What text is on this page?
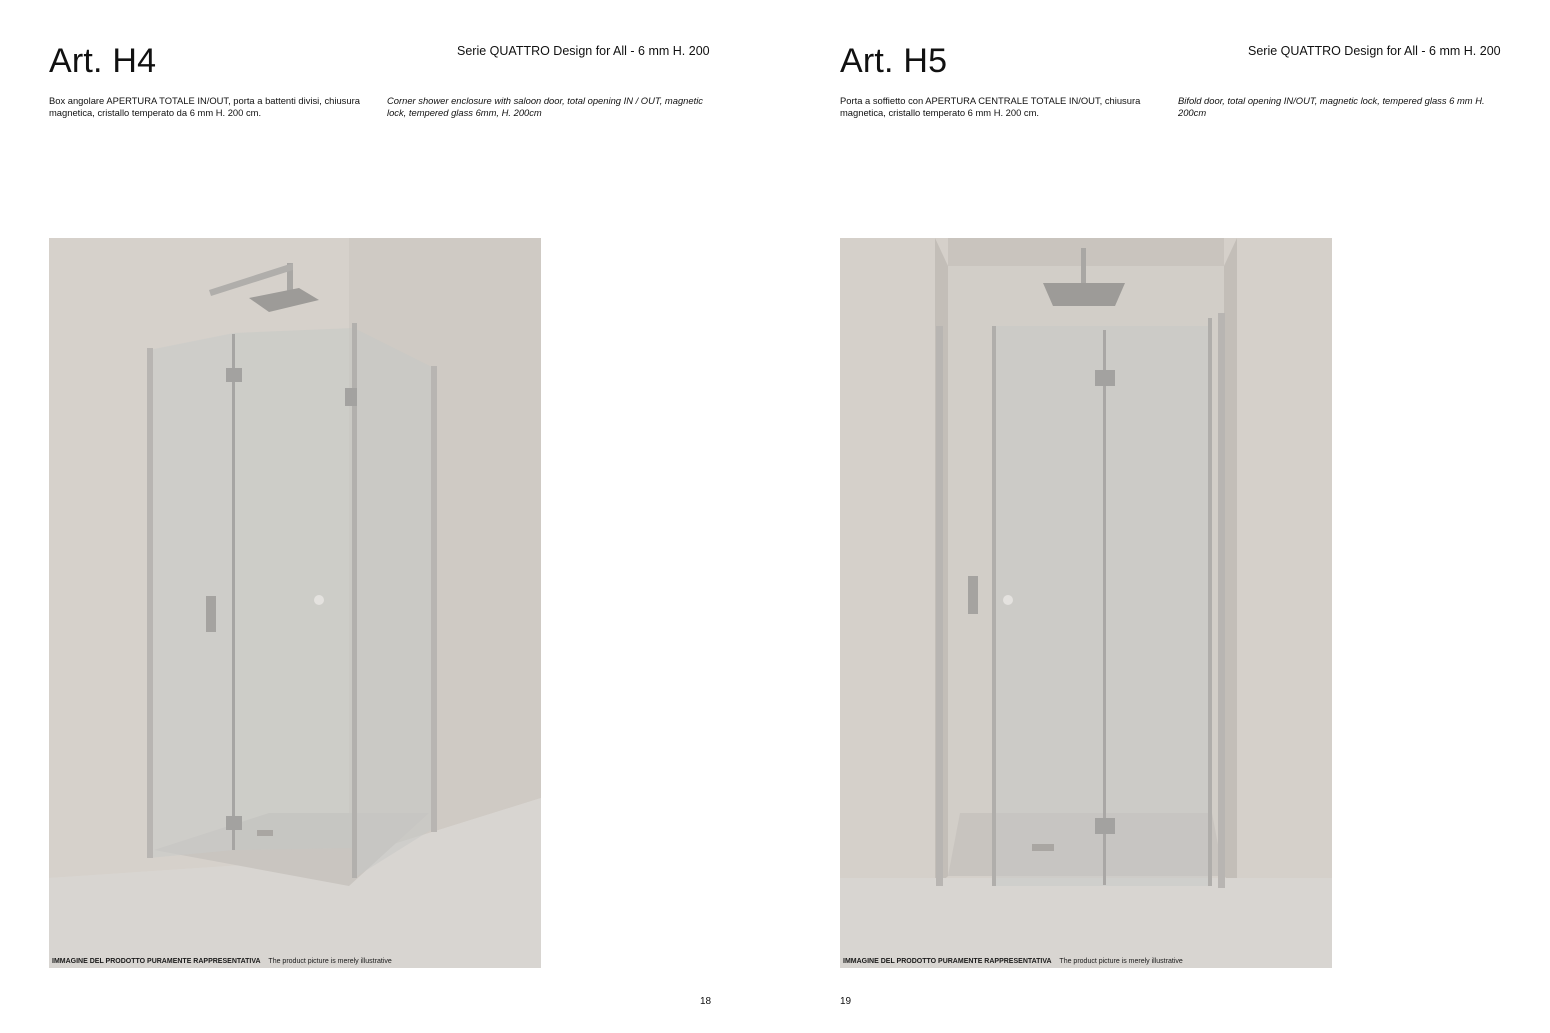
Art. H4	Serie QUATTRO Design for All - 6 mm H. 200

Box angolare APERTURA TOTALE IN/OUT, porta a battenti divisi, chiusura magnetica, cristallo temperato da 6 mm H. 200 cm.

Corner shower enclosure with saloon door, total opening IN / OUT, magnetic lock, tempered glass 6mm, H. 200cm

IMMAGINE DEL PRODOTTO PURAMENTE RAPPRESENTATIVA The product picture is merely illustrative
18
Art. H5	Serie QUATTRO Design for All - 6 mm H. 200

Porta a soffietto con APERTURA CENTRALE TOTALE IN/OUT, chiusura magnetica, cristallo temperato 6 mm H. 200 cm.

Bifold door, total opening IN/OUT, magnetic lock, tempered glass 6 mm H. 200cm

IMMAGINE DEL PRODOTTO PURAMENTE RAPPRESENTATIVA The product picture is merely illustrative
19
